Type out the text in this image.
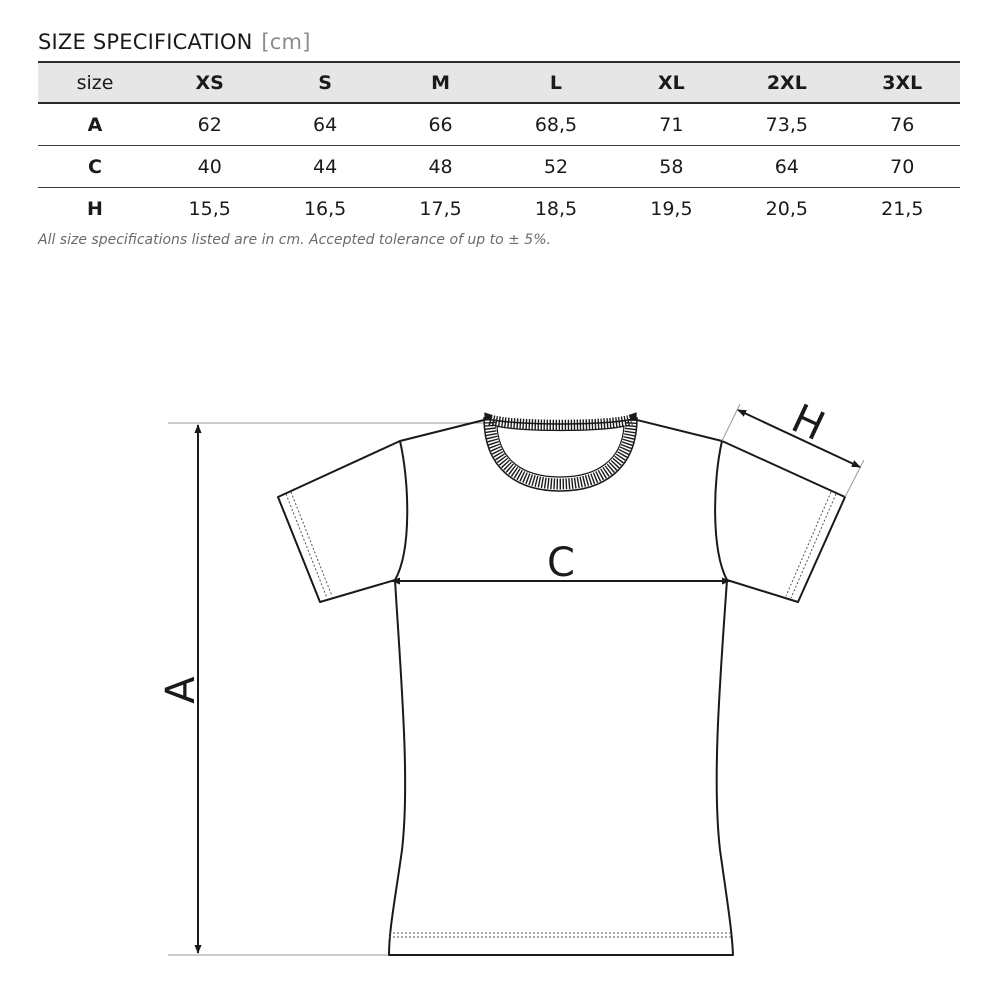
SIZE SPECIFICATION [cm]
size	XS	S	M	L	XL	2XL	3XL
A	62	64	66	68,5	71	73,5	76
C	40	44	48	52	58	64	70
H	15,5	16,5	17,5	18,5	19,5	20,5	21,5
All size specifications listed are in cm. Accepted tolerance of up to ± 5%.
A
C
H
